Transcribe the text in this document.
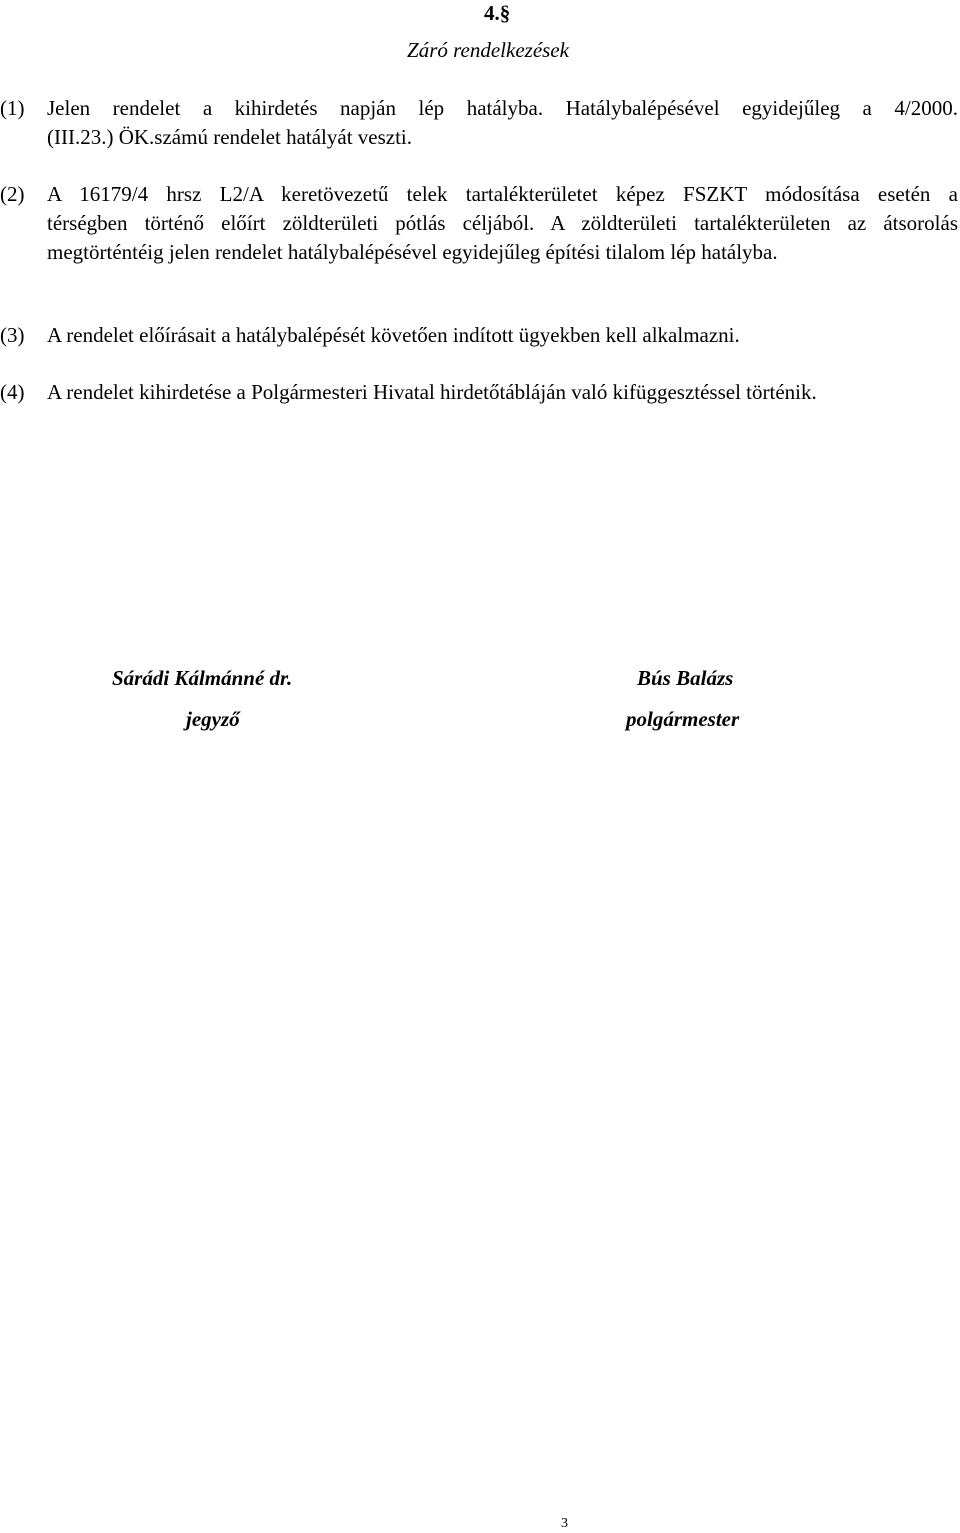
4.§
Záró rendelkezések
(1) Jelen rendelet a kihirdetés napján lép hatályba. Hatálybalépésével egyidejűleg a 4/2000.
(III.23.) ÖK.számú rendelet hatályát veszti.
(2) A 16179/4 hrsz L2/A keretövezetű telek tartalékterületet képez FSZKT módosítása esetén a
térségben történő előírt zöldterületi pótlás céljából. A zöldterületi tartalékterületen az átsorolás megtörténtéig jelen rendelet hatálybalépésével egyidejűleg építési tilalom lép hatályba.
(3) A rendelet előírásait a hatálybalépését követően indított ügyekben kell alkalmazni.
(4) A rendelet kihirdetése a Polgármesteri Hivatal hirdetőtábláján való kifüggesztéssel történik.
Sárádi Kálmánné dr.
jegyző
Bús Balázs
polgármester
3
